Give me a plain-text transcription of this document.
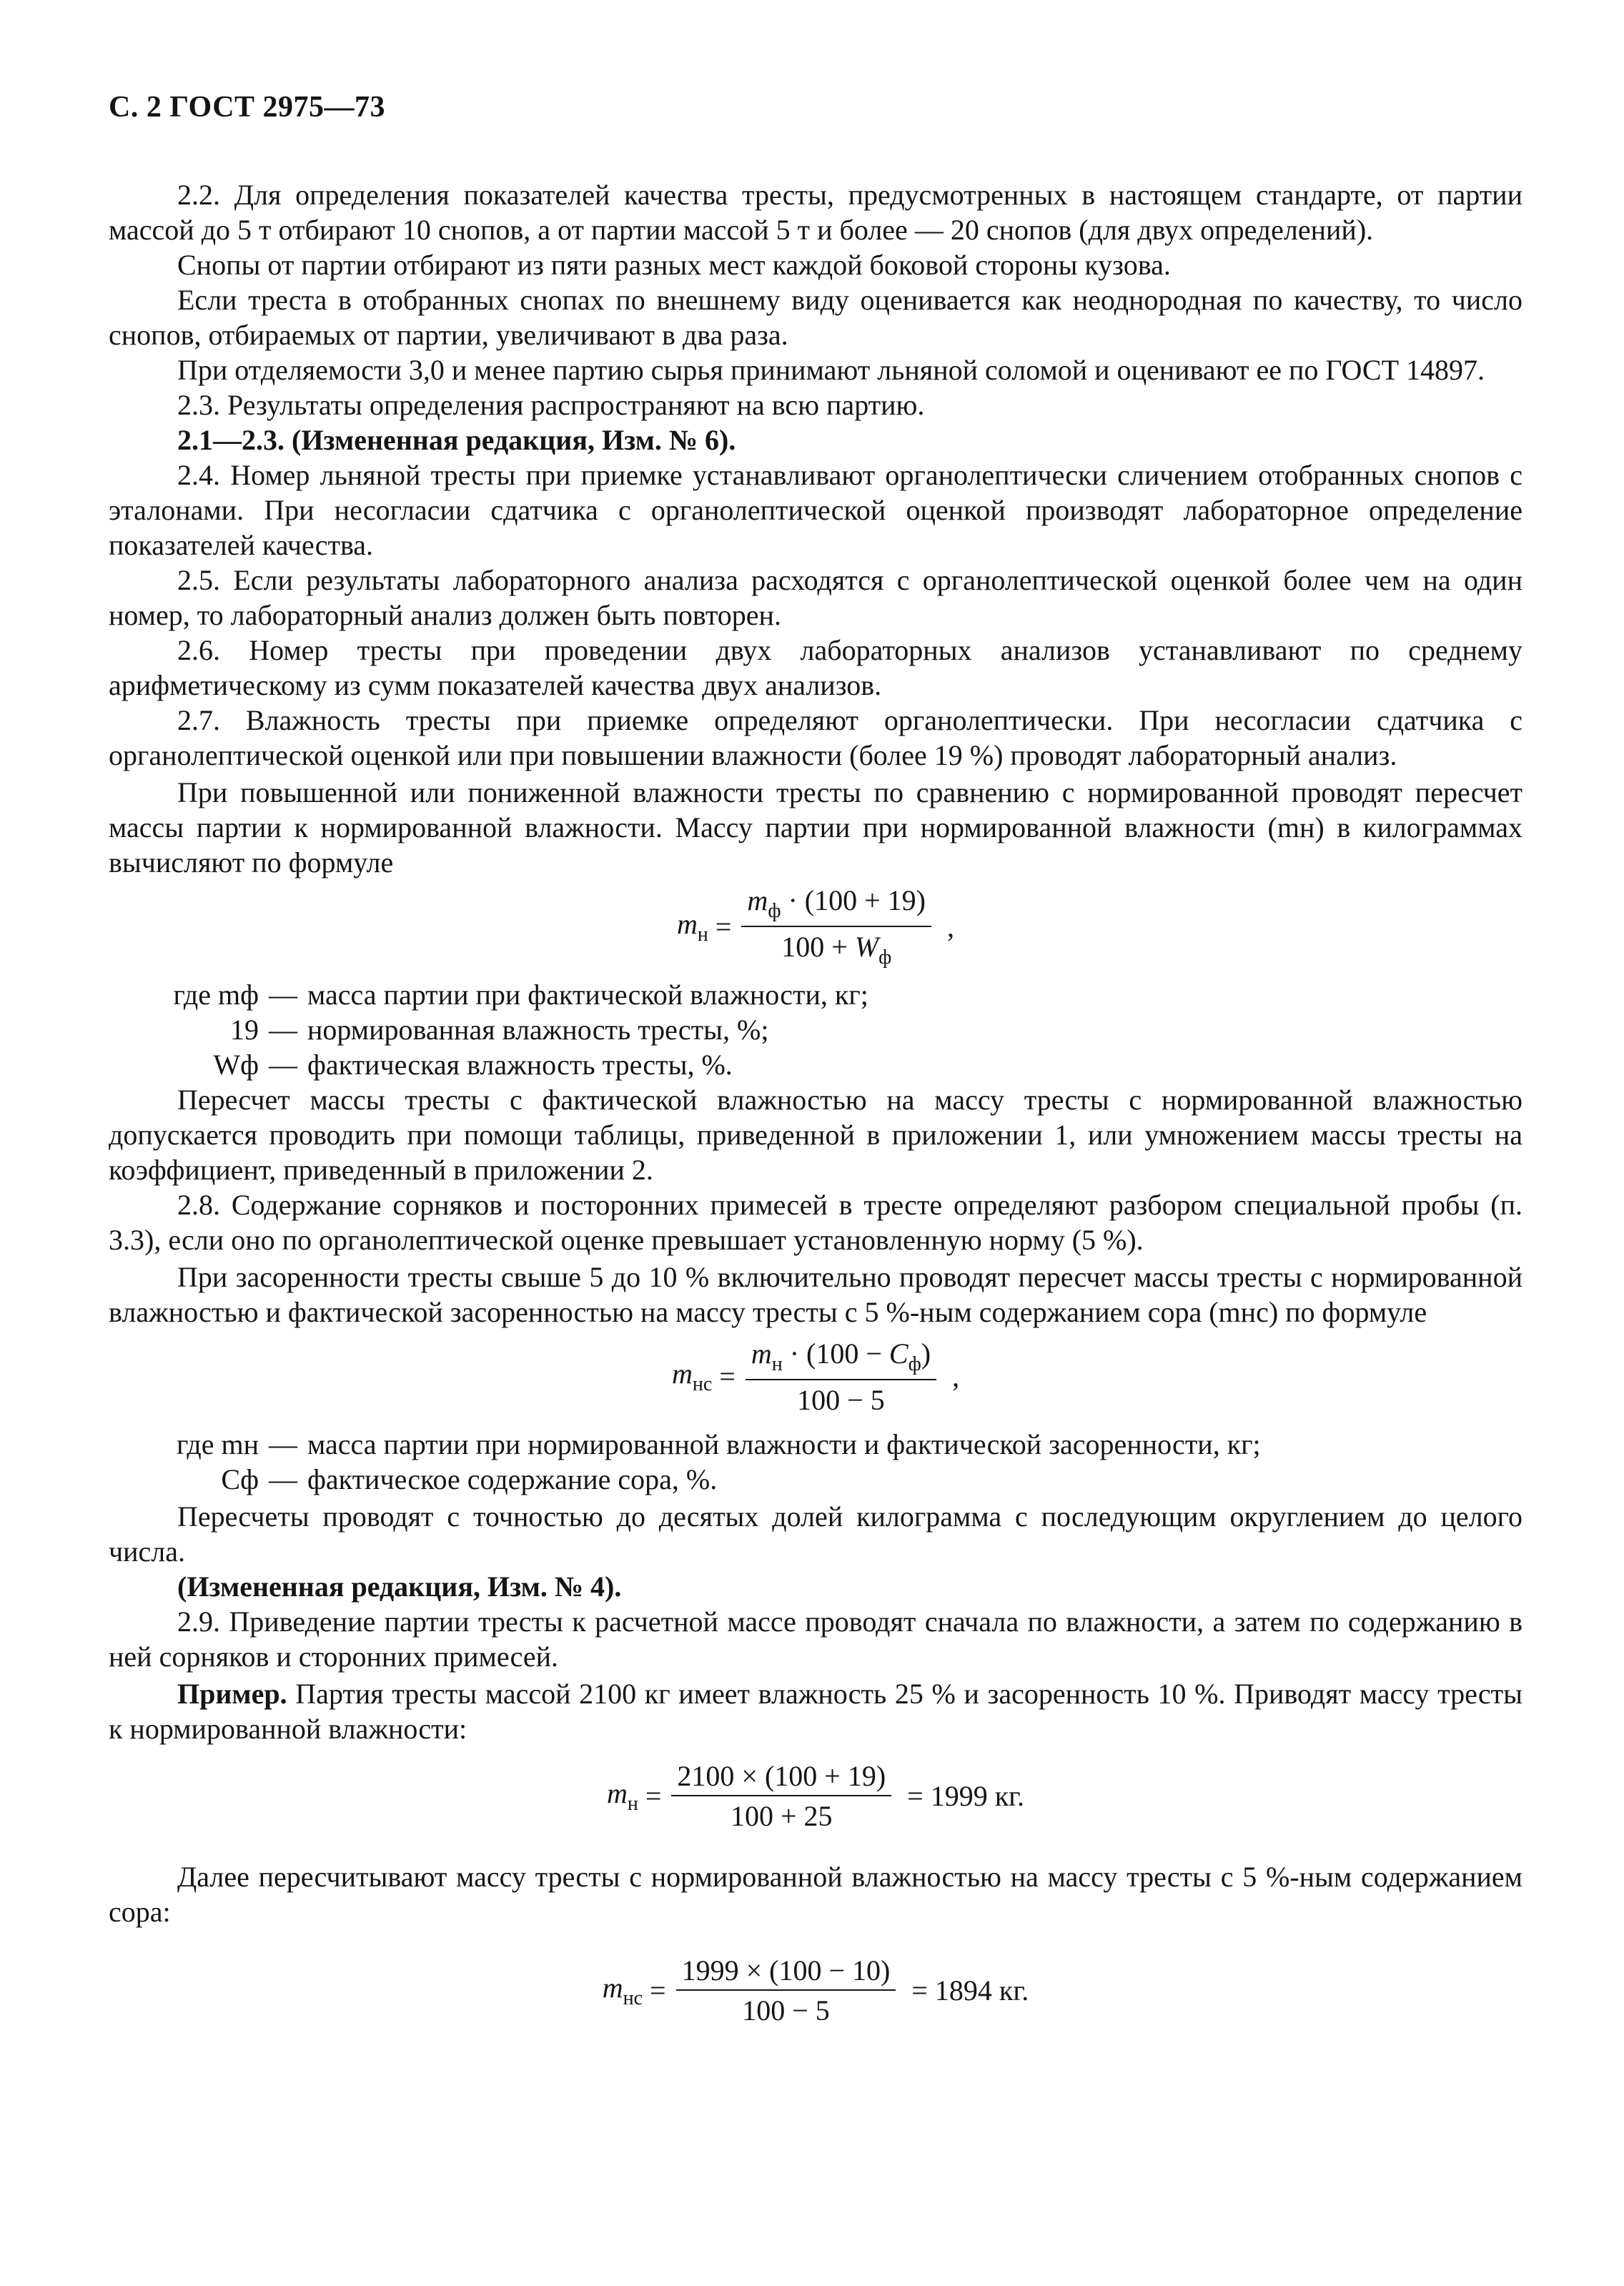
С. 2 ГОСТ 2975—73

2.2. Для определения показателей качества тресты, предусмотренных в настоящем стандарте, от партии массой до 5 т отбирают 10 снопов, а от партии массой 5 т и более — 20 снопов (для двух определений).

Снопы от партии отбирают из пяти разных мест каждой боковой стороны кузова.

Если треста в отобранных снопах по внешнему виду оценивается как неоднородная по качеству, то число снопов, отбираемых от партии, увеличивают в два раза.

При отделяемости 3,0 и менее партию сырья принимают льняной соломой и оценивают ее по ГОСТ 14897.

2.3. Результаты определения распространяют на всю партию.

2.1—2.3. (Измененная редакция, Изм. № 6).

2.4. Номер льняной тресты при приемке устанавливают органолептически сличением отобранных снопов с эталонами. При несогласии сдатчика с органолептической оценкой производят лабораторное определение показателей качества.

2.5. Если результаты лабораторного анализа расходятся с органолептической оценкой более чем на один номер, то лабораторный анализ должен быть повторен.

2.6. Номер тресты при проведении двух лабораторных анализов устанавливают по среднему арифметическому из сумм показателей качества двух анализов.

2.7. Влажность тресты при приемке определяют органолептически. При несогласии сдатчика с органолептической оценкой или при повышении влажности (более 19 %) проводят лабораторный анализ.

При повышенной или пониженной влажности тресты по сравнению с нормированной проводят пересчет массы партии к нормированной влажности. Массу партии при нормированной влажности (mн) в килограммах вычисляют по формуле

$m_н = \frac{m_ф \cdot (100 + 19)}{100 + W_ф}$ ,

где mф — масса партии при фактической влажности, кг;

19 — нормированная влажность тресты, %;

Wф — фактическая влажность тресты, %.

Пересчет массы тресты с фактической влажностью на массу тресты с нормированной влажностью допускается проводить при помощи таблицы, приведенной в приложении 1, или умножением массы тресты на коэффициент, приведенный в приложении 2.

2.8. Содержание сорняков и посторонних примесей в тресте определяют разбором специальной пробы (п. 3.3), если оно по органолептической оценке превышает установленную норму (5 %).

При засоренности тресты свыше 5 до 10 % включительно проводят пересчет массы тресты с нормированной влажностью и фактической засоренностью на массу тресты с 5 %-ным содержанием сора (mнс) по формуле

$m_{нс} = \frac{m_н \cdot (100 - C_ф)}{100 - 5}$ ,

где mн — масса партии при нормированной влажности и фактической засоренности, кг;

Сф — фактическое содержание сора, %.

Пересчеты проводят с точностью до десятых долей килограмма с последующим округлением до целого числа.

(Измененная редакция, Изм. № 4).

2.9. Приведение партии тресты к расчетной массе проводят сначала по влажности, а затем по содержанию в ней сорняков и сторонних примесей.

Пример. Партия тресты массой 2100 кг имеет влажность 25 % и засоренность 10 %. Приводят массу тресты к нормированной влажности:

$m_н = \frac{2100 \times (100 + 19)}{100 + 25} = 1999$ кг.

Далее пересчитывают массу тресты с нормированной влажностью на массу тресты с 5 %-ным содержанием сора:

$m_{нс} = \frac{1999 \times (100 - 10)}{100 - 5} = 1894$ кг.
